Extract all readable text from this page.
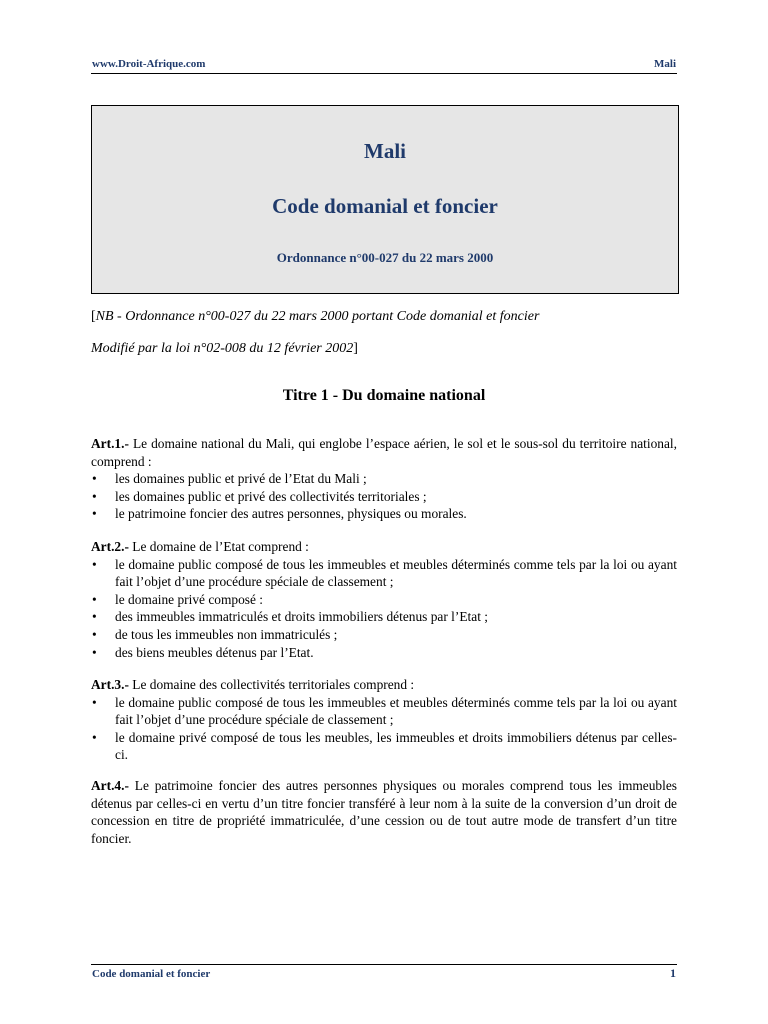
www.Droit-Afrique.com	Mali
Mali
Code domanial et foncier
Ordonnance n°00-027 du 22 mars 2000
[NB - Ordonnance n°00-027 du 22 mars 2000 portant Code domanial et foncier
Modifié par la loi n°02-008 du 12 février 2002]
Titre 1 - Du domaine national

Art.1.- Le domaine national du Mali, qui englobe l’espace aérien, le sol et le sous-sol du territoire national, comprend :

• les domaines public et privé de l’Etat du Mali ;
• les domaines public et privé des collectivités territoriales ;
• le patrimoine foncier des autres personnes, physiques ou morales.

Art.2.- Le domaine de l’Etat comprend :

• le domaine public composé de tous les immeubles et meubles déterminés comme tels par la loi ou ayant fait l’objet d’une procédure spéciale de classement ;
• le domaine privé composé :
• des immeubles immatriculés et droits immobiliers détenus par l’Etat ;
• de tous les immeubles non immatriculés ;
• des biens meubles détenus par l’Etat.

Art.3.- Le domaine des collectivités territoriales comprend :

• le domaine public composé de tous les immeubles et meubles déterminés comme tels par la loi ou ayant fait l’objet d’une procédure spéciale de classement ;
• le domaine privé composé de tous les meubles, les immeubles et droits immobiliers détenus par celles-ci.

Art.4.- Le patrimoine foncier des autres personnes physiques ou morales comprend tous les immeubles détenus par celles-ci en vertu d’un titre foncier transféré à leur nom à la suite de la conversion d’un droit de concession en titre de propriété immatriculée, d’une cession ou de tout autre mode de transfert d’un titre foncier.

Code domanial et foncier	1
